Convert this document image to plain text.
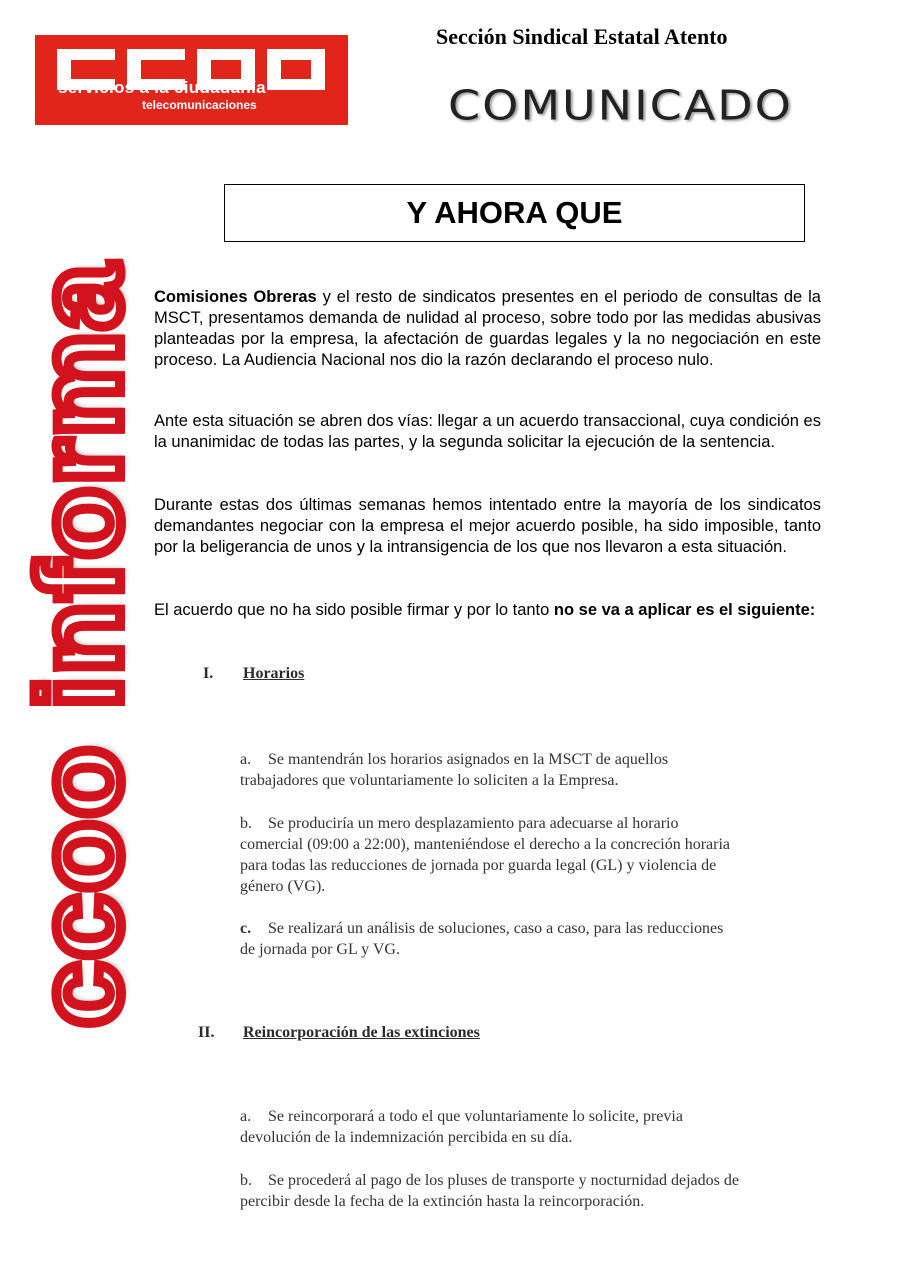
servicios a la ciudadanía
telecomunicaciones
Sección Sindical Estatal Atento
COMUNICADO
ccoo informa
Y AHORA QUE

Comisiones Obreras y el resto de sindicatos presentes en el periodo de consultas de la MSCT, presentamos demanda de nulidad al proceso, sobre todo por las medidas abusivas planteadas por la empresa, la afectación de guardas legales y la no negociación en este proceso. La Audiencia Nacional nos dio la razón declarando el proceso nulo.

Ante esta situación se abren dos vías: llegar a un acuerdo transaccional, cuya condición es la unanimidac de todas las partes, y la segunda solicitar la ejecución de la sentencia.

Durante estas dos últimas semanas hemos intentado entre la mayoría de los sindicatos demandantes negociar con la empresa el mejor acuerdo posible, ha sido imposible, tanto por la beligerancia de unos y la intransigencia de los que nos llevaron a esta situación.

El acuerdo que no ha sido posible firmar y por lo tanto no se va a aplicar es el siguiente:

I. Horarios

a. Se mantendrán los horarios asignados en la MSCT de aquellos trabajadores que voluntariamente lo soliciten a la Empresa.

b. Se produciría un mero desplazamiento para adecuarse al horario comercial (09:00 a 22:00), manteniéndose el derecho a la concreción horaria para todas las reducciones de jornada por guarda legal (GL) y violencia de género (VG).

c. Se realizará un análisis de soluciones, caso a caso, para las reducciones de jornada por GL y VG.

II. Reincorporación de las extinciones

a. Se reincorporará a todo el que voluntariamente lo solicite, previa devolución de la indemnización percibida en su día.

b. Se procederá al pago de los pluses de transporte y nocturnidad dejados de percibir desde la fecha de la extinción hasta la reincorporación.
